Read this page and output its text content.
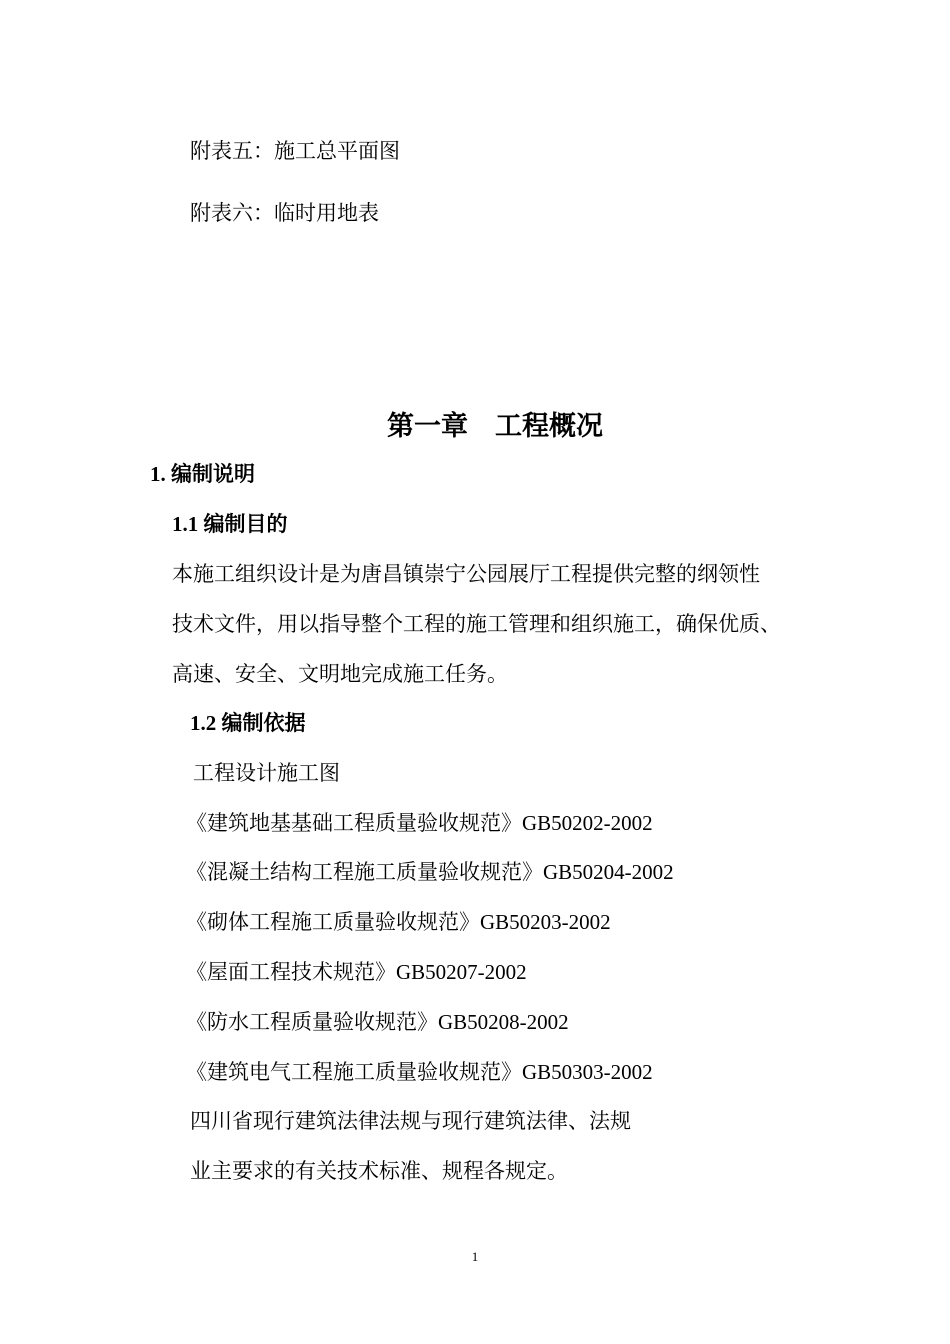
附表五：施工总平面图
附表六：临时用地表
第一章    工程概况
1. 编制说明
1.1 编制目的
本施工组织设计是为唐昌镇崇宁公园展厅工程提供完整的纲领性
技术文件，用以指导整个工程的施工管理和组织施工，确保优质、
高速、安全、文明地完成施工任务。
1.2 编制依据
工程设计施工图
《建筑地基基础工程质量验收规范》GB50202-2002
《混凝土结构工程施工质量验收规范》GB50204-2002
《砌体工程施工质量验收规范》GB50203-2002
《屋面工程技术规范》GB50207-2002
《防水工程质量验收规范》GB50208-2002
《建筑电气工程施工质量验收规范》GB50303-2002
四川省现行建筑法律法规与现行建筑法律、法规
业主要求的有关技术标准、规程各规定。
1
